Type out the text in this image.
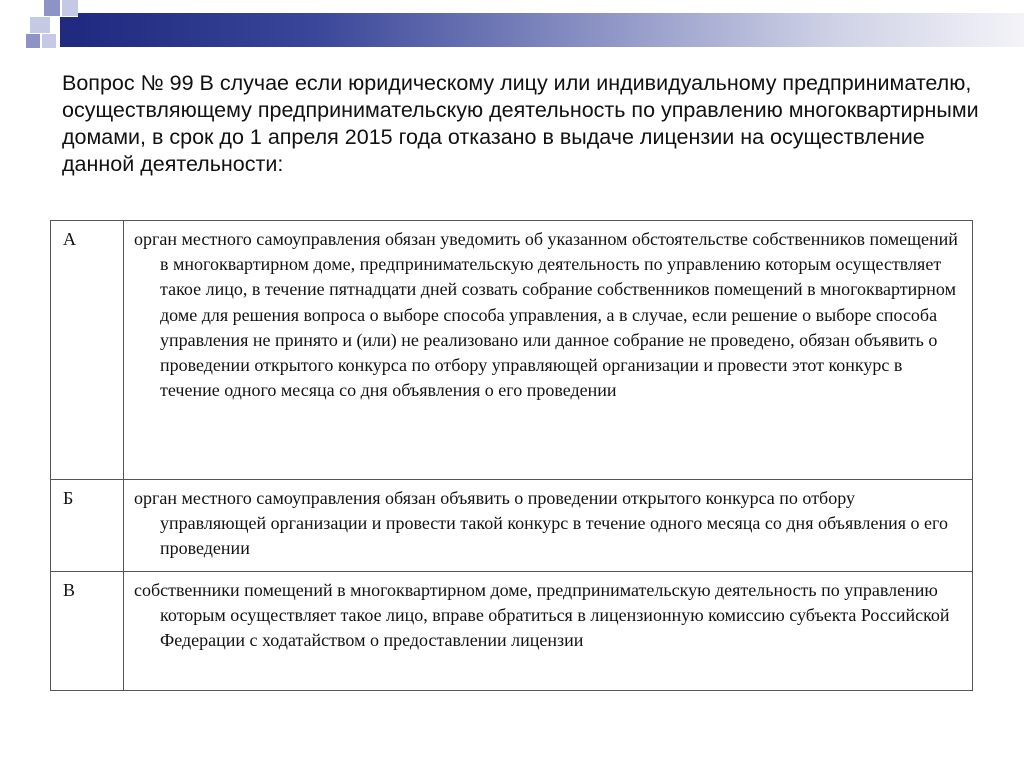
Вопрос № 99 В случае если юридическому лицу или индивидуальному предпринимателю, осуществляющему предпринимательскую деятельность по управлению многоквартирными домами, в срок до 1 апреля 2015 года отказано в выдаче лицензии на осуществление данной деятельности:

А	орган местного самоуправления обязан уведомить об указанном обстоятельстве собственников помещений в многоквартирном доме, предпринимательскую деятельность по управлению которым осуществляет такое лицо, в течение пятнадцати дней созвать собрание собственников помещений в многоквартирном доме для решения вопроса о выборе способа управления, а в случае, если решение о выборе способа управления не принято и (или) не реализовано или данное собрание не проведено, обязан объявить о проведении открытого конкурса по отбору управляющей организации и провести этот конкурс в течение одного месяца со дня объявления о его проведении

Б	орган местного самоуправления обязан объявить о проведении открытого конкурса по отбору управляющей организации и провести такой конкурс в течение одного месяца со дня объявления о его проведении

В	собственники помещений в многоквартирном доме, предпринимательскую деятельность по управлению которым осуществляет такое лицо, вправе обратиться в лицензионную комиссию субъекта Российской Федерации с ходатайством о предоставлении лицензии
